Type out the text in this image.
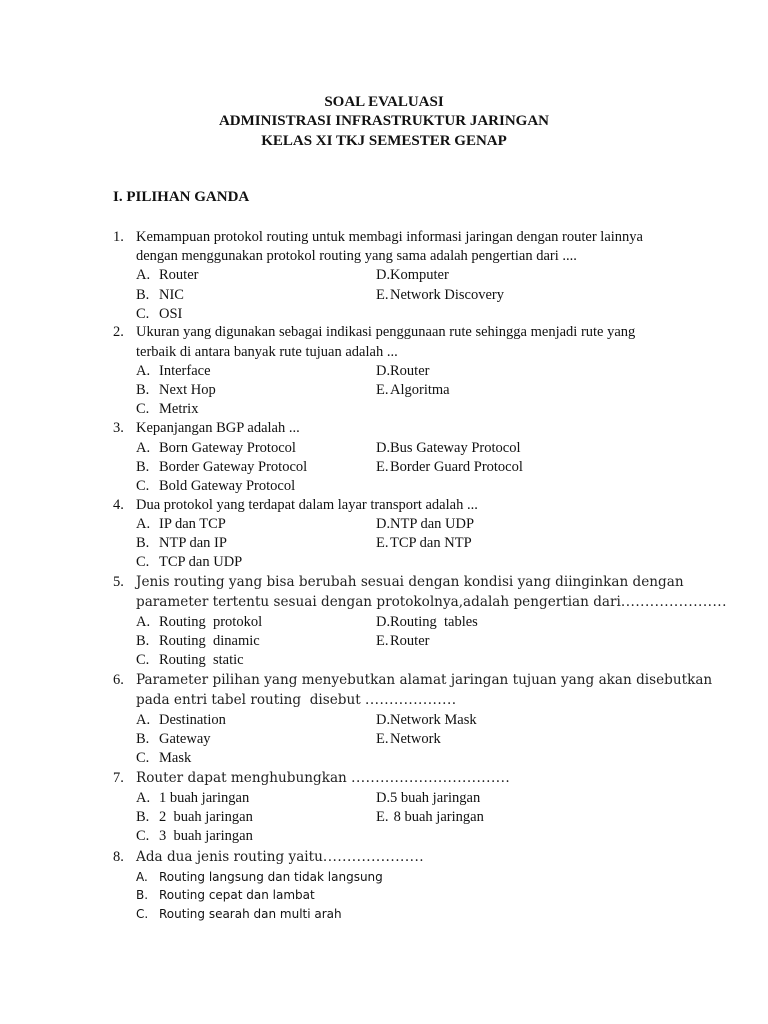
SOAL EVALUASI
ADMINISTRASI INFRASTRUKTUR JARINGAN
KELAS XI TKJ SEMESTER GENAP
I. PILIHAN GANDA
1. Kemampuan protokol routing untuk membagi informasi jaringan dengan router lainnya
dengan menggunakan protokol routing yang sama adalah pengertian dari ....
A. Router	D.Komputer
B. NIC	E. Network Discovery
C. OSI
2. Ukuran yang digunakan sebagai indikasi penggunaan rute sehingga menjadi rute yang
terbaik di antara banyak rute tujuan adalah ...
A. Interface	D.Router
B. Next Hop	E. Algoritma
C. Metrix
3. Kepanjangan BGP adalah ...
A. Born Gateway Protocol	D.Bus Gateway Protocol
B. Border Gateway Protocol	E. Border Guard Protocol
C. Bold Gateway Protocol
4. Dua protokol yang terdapat dalam layar transport adalah ...
A. IP dan TCP	D.NTP dan UDP
B. NTP dan IP	E. TCP dan NTP
C. TCP dan UDP
5. Jenis routing yang bisa berubah sesuai dengan kondisi yang diinginkan dengan
parameter tertentu sesuai dengan protokolnya,adalah pengertian dari......................
A. Routing  protokol	D.Routing  tables
B. Routing  dinamic	E. Router
C. Routing  static
6. Parameter pilihan yang menyebutkan alamat jaringan tujuan yang akan disebutkan
pada entri tabel routing  disebut ...................
A. Destination	D.Network Mask
B. Gateway	E. Network
C. Mask
7. Router dapat menghubungkan .................................
A. 1 buah jaringan	D.5 buah jaringan
B. 2  buah jaringan	E. 8 buah jaringan
C. 3  buah jaringan
8. Ada dua jenis routing yaitu.....................
A. Routing langsung dan tidak langsung
B. Routing cepat dan lambat
C. Routing searah dan multi arah
